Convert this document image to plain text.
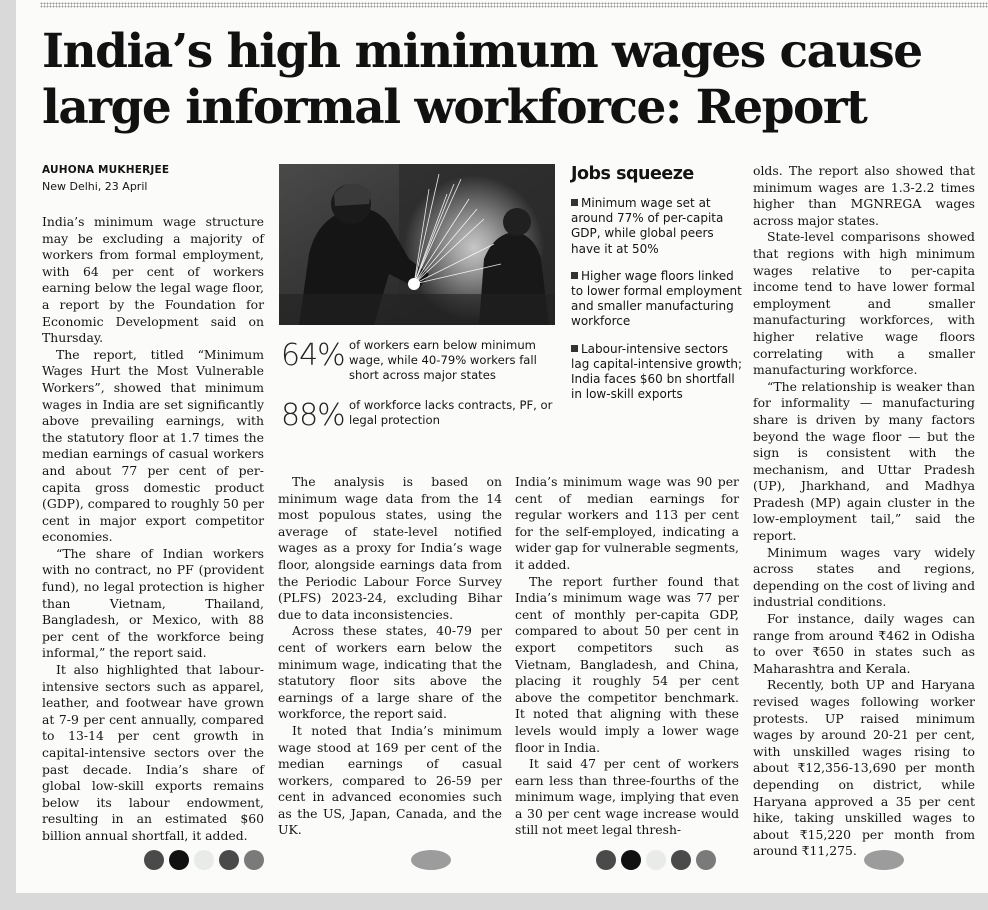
India’s high minimum wages cause large informal workforce: Report
AUHONA MUKHERJEE
New Delhi, 23 April

India’s minimum wage structure may be excluding a majority of workers from formal employment, with 64 per cent of workers earning below the legal wage floor, a report by the Foundation for Economic Development said on Thursday.

The report, titled “Minimum Wages Hurt the Most Vulnerable Workers”, showed that minimum wages in India are set significantly above prevailing earnings, with the statutory floor at 1.7 times the median earnings of casual workers and about 77 per cent of per-capita gross domestic product (GDP), compared to roughly 50 per cent in major export competitor economies.

“The share of Indian workers with no contract, no PF (provident fund), no legal protection is higher than Vietnam, Thailand, Bangladesh, or Mexico, with 88 per cent of the workforce being informal,” the report said.

It also highlighted that labour-intensive sectors such as apparel, leather, and footwear have grown at 7-9 per cent annually, compared to 13-14 per cent growth in capital-intensive sectors over the past decade. India’s share of global low-skill exports remains below its labour endowment, resulting in an estimated $60 billion annual shortfall, it added.

64% of workers earn below minimum wage, while 40-79% workers fall short across major states
88% of workforce lacks contracts, PF, or legal protection
Jobs squeeze
Minimum wage set at around 77% of per-capita GDP, while global peers have it at 50%
Higher wage floors linked to lower formal employment and smaller manufacturing workforce
Labour-intensive sectors lag capital-intensive growth; India faces $60 bn shortfall in low-skill exports

The analysis is based on minimum wage data from the 14 most populous states, using the average of state-level notified wages as a proxy for India’s wage floor, alongside earnings data from the Periodic Labour Force Survey (PLFS) 2023-24, excluding Bihar due to data inconsistencies.

Across these states, 40-79 per cent of workers earn below the minimum wage, indicating that the statutory floor sits above the earnings of a large share of the workforce, the report said.

It noted that India’s minimum wage stood at 169 per cent of the median earnings of casual workers, compared to 26-59 per cent in advanced economies such as the US, Japan, Canada, and the UK.

India’s minimum wage was 90 per cent of median earnings for regular workers and 113 per cent for the self-employed, indicating a wider gap for vulnerable segments, it added.

The report further found that India’s minimum wage was 77 per cent of monthly per-capita GDP, compared to about 50 per cent in export competitors such as Vietnam, Bangladesh, and China, placing it roughly 54 per cent above the competitor benchmark. It noted that aligning with these levels would imply a lower wage floor in India.

It said 47 per cent of workers earn less than three-fourths of the minimum wage, implying that even a 30 per cent wage increase would still not meet legal thresh-

olds. The report also showed that minimum wages are 1.3-2.2 times higher than MGNREGA wages across major states.

State-level comparisons showed that regions with high minimum wages relative to per-capita income tend to have lower formal employment and smaller manufacturing workforces, with higher relative wage floors correlating with a smaller manufacturing workforce.

“The relationship is weaker than for informality — manufacturing share is driven by many factors beyond the wage floor — but the sign is consistent with the mechanism, and Uttar Pradesh (UP), Jharkhand, and Madhya Pradesh (MP) again cluster in the low-employment tail,” said the report.

Minimum wages vary widely across states and regions, depending on the cost of living and industrial conditions.

For instance, daily wages can range from around ₹462 in Odisha to over ₹650 in states such as Maharashtra and Kerala.

Recently, both UP and Haryana revised wages following worker protests. UP raised minimum wages by around 20-21 per cent, with unskilled wages rising to about ₹12,356-13,690 per month depending on district, while Haryana approved a 35 per cent hike, taking unskilled wages to about ₹15,220 per month from around ₹11,275.
